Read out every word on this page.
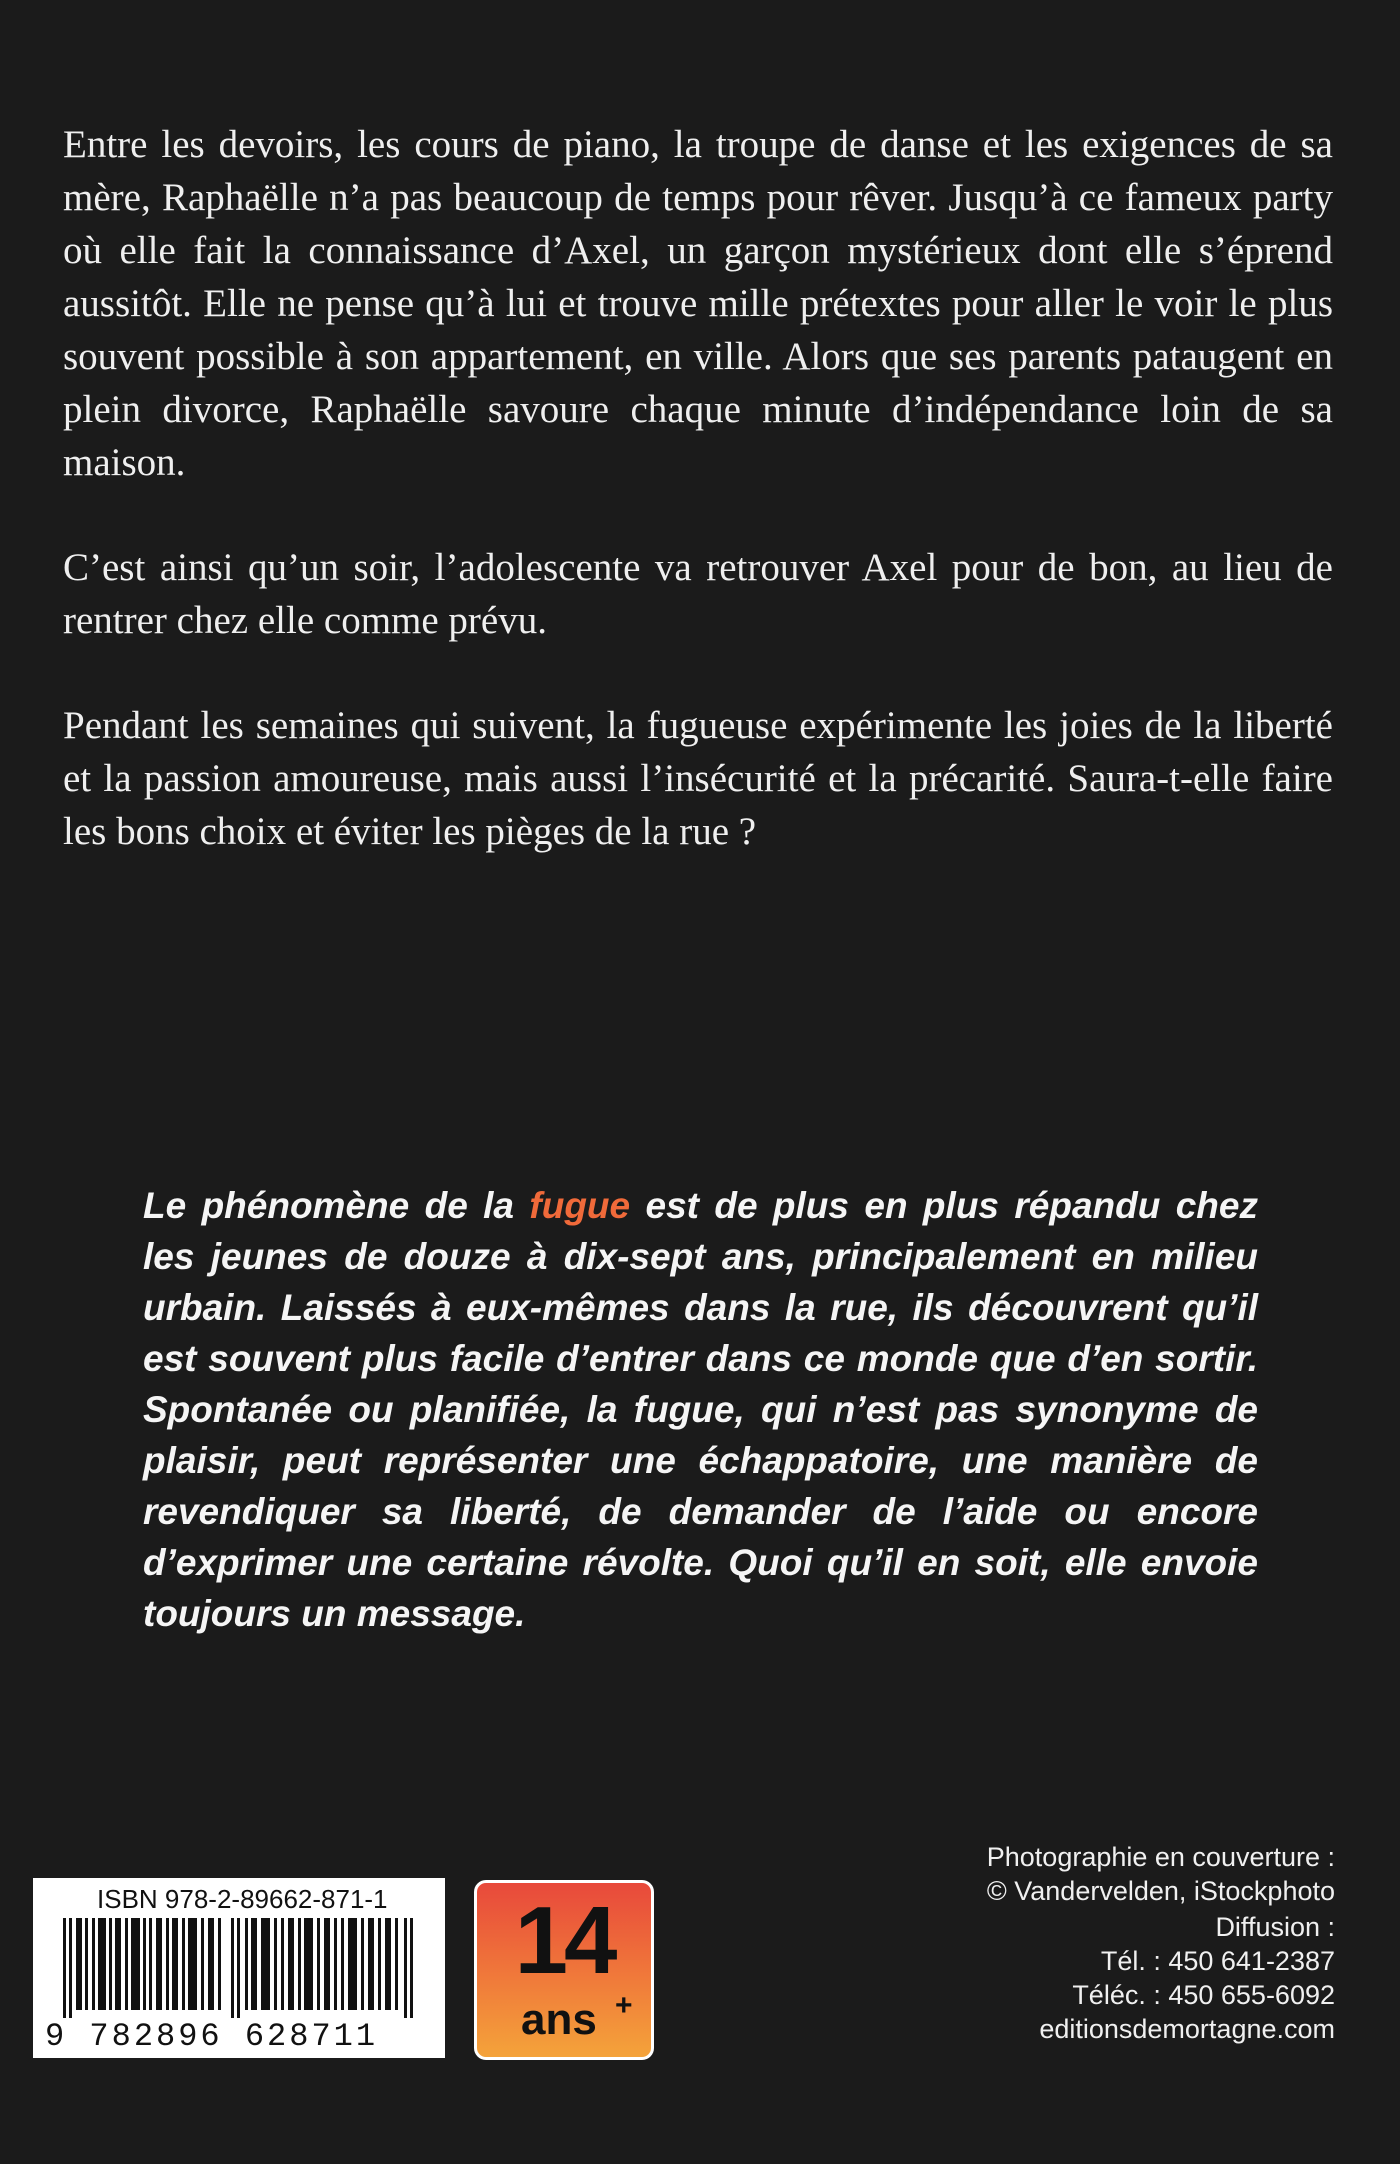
Entre les devoirs, les cours de piano, la troupe de danse et les exigences de sa mère, Raphaëlle n’a pas beaucoup de temps pour rêver. Jusqu’à ce fameux party où elle fait la connaissance d’Axel, un garçon mystérieux dont elle s’éprend aussitôt. Elle ne pense qu’à lui et trouve mille prétextes pour aller le voir le plus souvent possible à son appartement, en ville. Alors que ses parents pataugent en plein divorce, Raphaëlle savoure chaque minute d’indépendance loin de sa maison.

C’est ainsi qu’un soir, l’adolescente va retrouver Axel pour de bon, au lieu de rentrer chez elle comme prévu.

Pendant les semaines qui suivent, la fugueuse expérimente les joies de la liberté et la passion amoureuse, mais aussi l’insécurité et la précarité. Saura-t-elle faire les bons choix et éviter les pièges de la rue ?

Le phénomène de la fugue est de plus en plus répandu chez les jeunes de douze à dix-sept ans, principalement en milieu urbain. Laissés à eux-mêmes dans la rue, ils découvrent qu’il est souvent plus facile d’entrer dans ce monde que d’en sortir. Spontanée ou planifiée, la fugue, qui n’est pas synonyme de plaisir, peut représenter une échappatoire, une manière de revendiquer sa liberté, de demander de l’aide ou encore d’exprimer une certaine révolte. Quoi qu’il en soit, elle envoie toujours un message.

ISBN 978-2-89662-871-1
9 782896 628711
14
ans +
Photographie en couverture :
© Vandervelden, iStockphoto
Diffusion :
Tél. : 450 641-2387
Téléc. : 450 655-6092
editionsdemortagne.com
